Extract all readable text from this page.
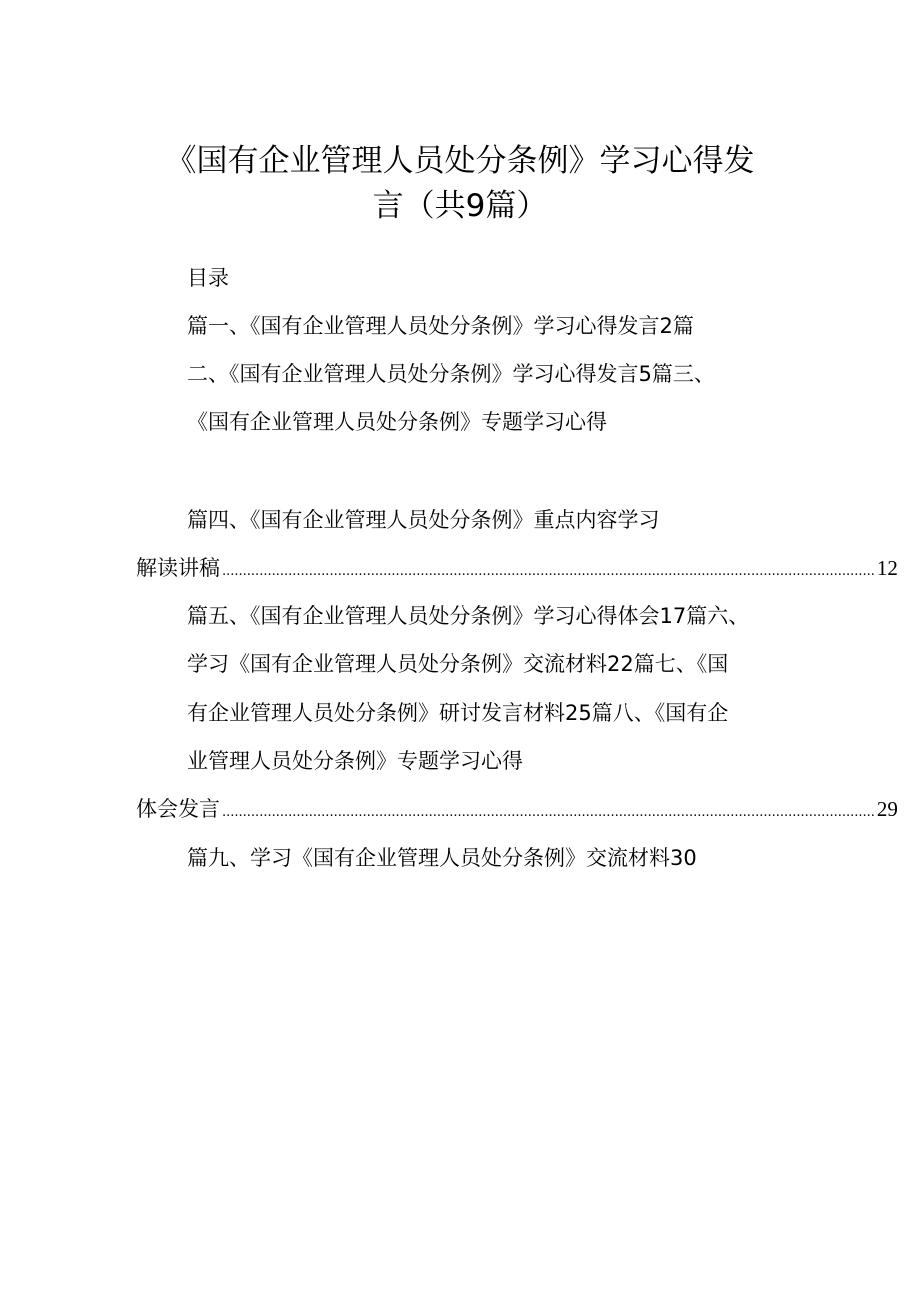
《国有企业管理人员处分条例》学习心得发
言（共9篇）
目录
篇一、《国有企业管理人员处分条例》学习心得发言2篇
二、《国有企业管理人员处分条例》学习心得发言5篇三、
《国有企业管理人员处分条例》专题学习心得
篇四、《国有企业管理人员处分条例》重点内容学习
解读讲稿 .............................................................................................................................................................. 12
篇五、《国有企业管理人员处分条例》学习心得体会17篇六、
学习《国有企业管理人员处分条例》交流材料22篇七、《国
有企业管理人员处分条例》研讨发言材料25篇八、《国有企
业管理人员处分条例》专题学习心得
体会发言 .............................................................................................................................................................. 29
篇九、学习《国有企业管理人员处分条例》交流材料30
